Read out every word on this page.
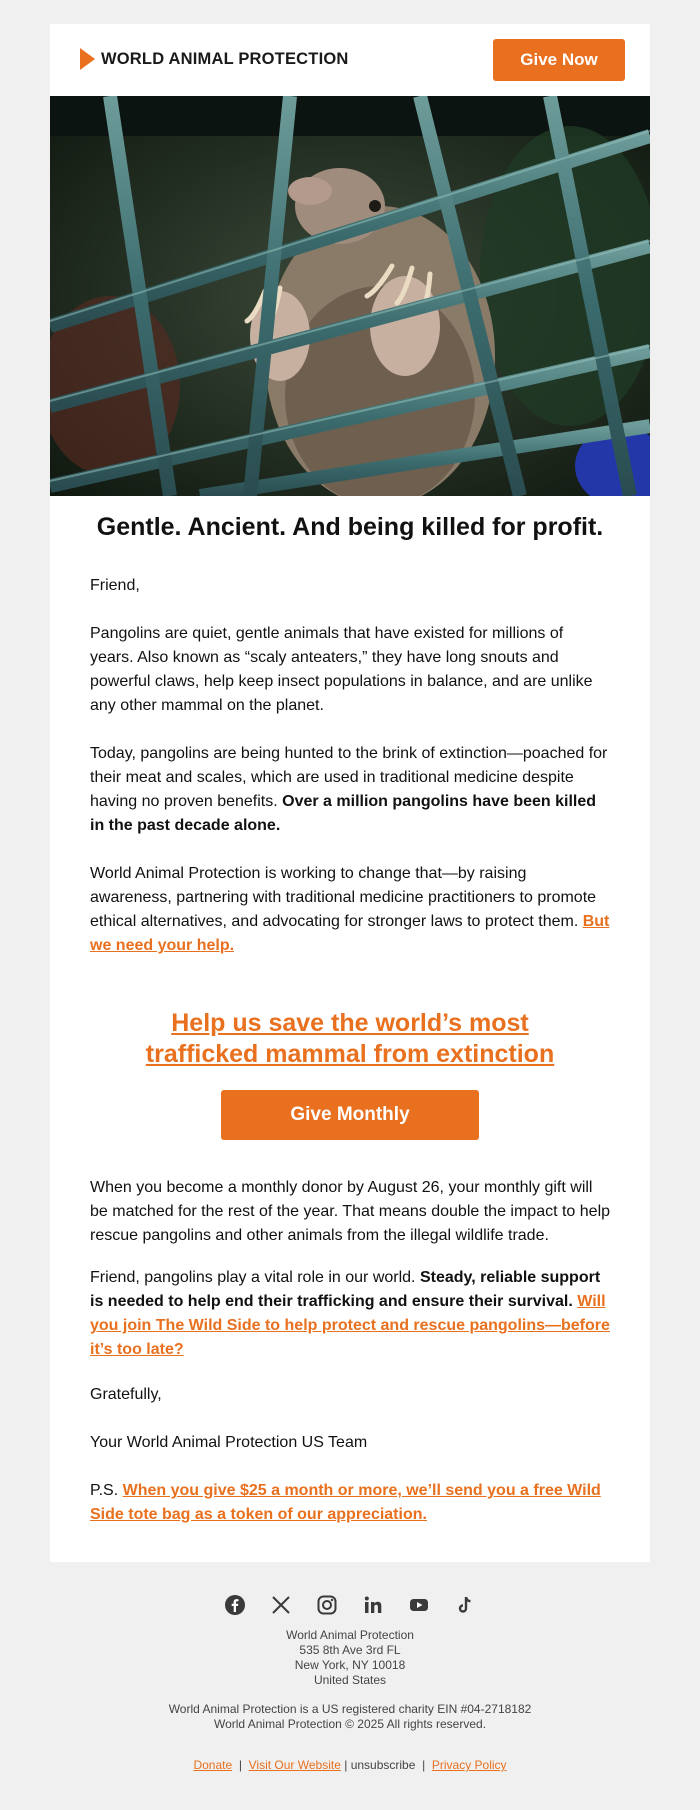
WORLD ANIMAL PROTECTION	Give Now
Gentle. Ancient. And being killed for profit.

Friend,

Pangolins are quiet, gentle animals that have existed for millions of years. Also known as “scaly anteaters,” they have long snouts and powerful claws, help keep insect populations in balance, and are unlike any other mammal on the planet.

Today, pangolins are being hunted to the brink of extinction—poached for their meat and scales, which are used in traditional medicine despite having no proven benefits. Over a million pangolins have been killed in the past decade alone.

World Animal Protection is working to change that—by raising awareness, partnering with traditional medicine practitioners to promote ethical alternatives, and advocating for stronger laws to protect them. But we need your help.

Help us save the world’s most trafficked mammal from extinction
Give Monthly

When you become a monthly donor by August 26, your monthly gift will be matched for the rest of the year. That means double the impact to help rescue pangolins and other animals from the illegal wildlife trade.

Friend, pangolins play a vital role in our world. Steady, reliable support is needed to help end their trafficking and ensure their survival. Will you join The Wild Side to help protect and rescue pangolins—before it’s too late?

Gratefully,

Your World Animal Protection US Team

P.S. When you give $25 a month or more, we’ll send you a free Wild Side tote bag as a token of our appreciation.

World Animal Protection
535 8th Ave 3rd FL
New York, NY 10018
United States
World Animal Protection is a US registered charity EIN #04-2718182
World Animal Protection © 2025 All rights reserved.
Donate | Visit Our Website | unsubscribe | Privacy Policy
